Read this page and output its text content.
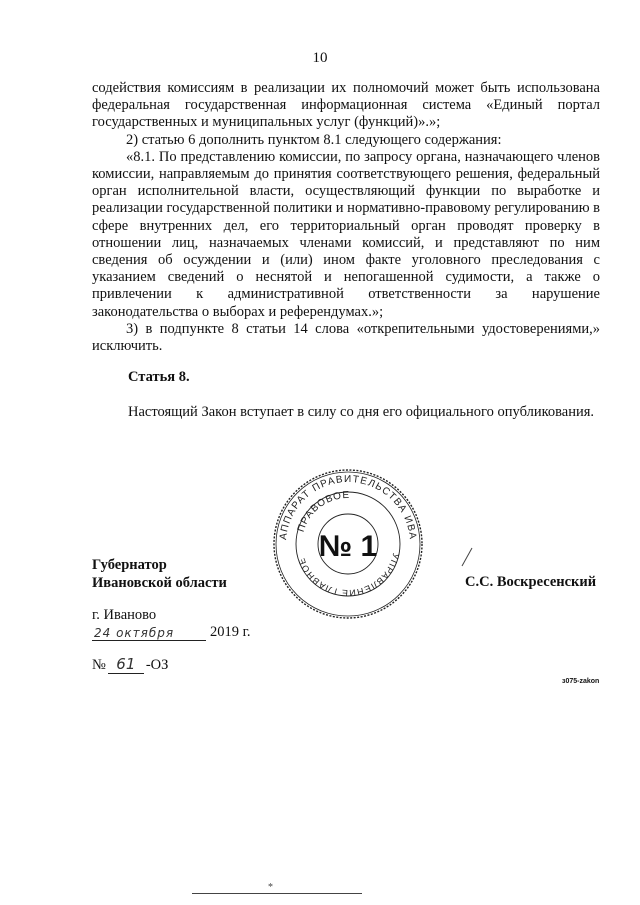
10

содействия комиссиям в реализации их полномочий может быть использована федеральная государственная информационная система «Единый портал государственных и муниципальных услуг (функций)».»;

2) статью 6 дополнить пунктом 8.1 следующего содержания:

«8.1. По представлению комиссии, по запросу органа, назначающего членов комиссии, направляемым до принятия соответствующего решения, федеральный орган исполнительной власти, осуществляющий функции по выработке и реализации государственной политики и нормативно-правовому регулированию в сфере внутренних дел, его территориальный орган проводят проверку в отношении лиц, назначаемых членами комиссий, и представляют по ним сведения об осуждении и (или) ином факте уголовного преследования с указанием сведений о неснятой и непогашенной судимости, а также о привлечении к административной ответственности за нарушение законодательства о выборах и референдумах.»;

3) в подпункте 8 статьи 14 слова «открепительными удостоверениями,» исключить.

Статья 8.
Настоящий Закон вступает в силу со дня его официального опубликования.
Губернатор
Ивановской области	С.С. Воскресенский
АППАРАТ ПРАВИТЕЛЬСТВА ИВА
ПРАВОВОЕ
УПРАВЛЕНИЕ ГЛАВНОЕ № 1
г. Иваново
24 октября	2019 г.
№ 61 -ОЗ
з075-zakon
*
